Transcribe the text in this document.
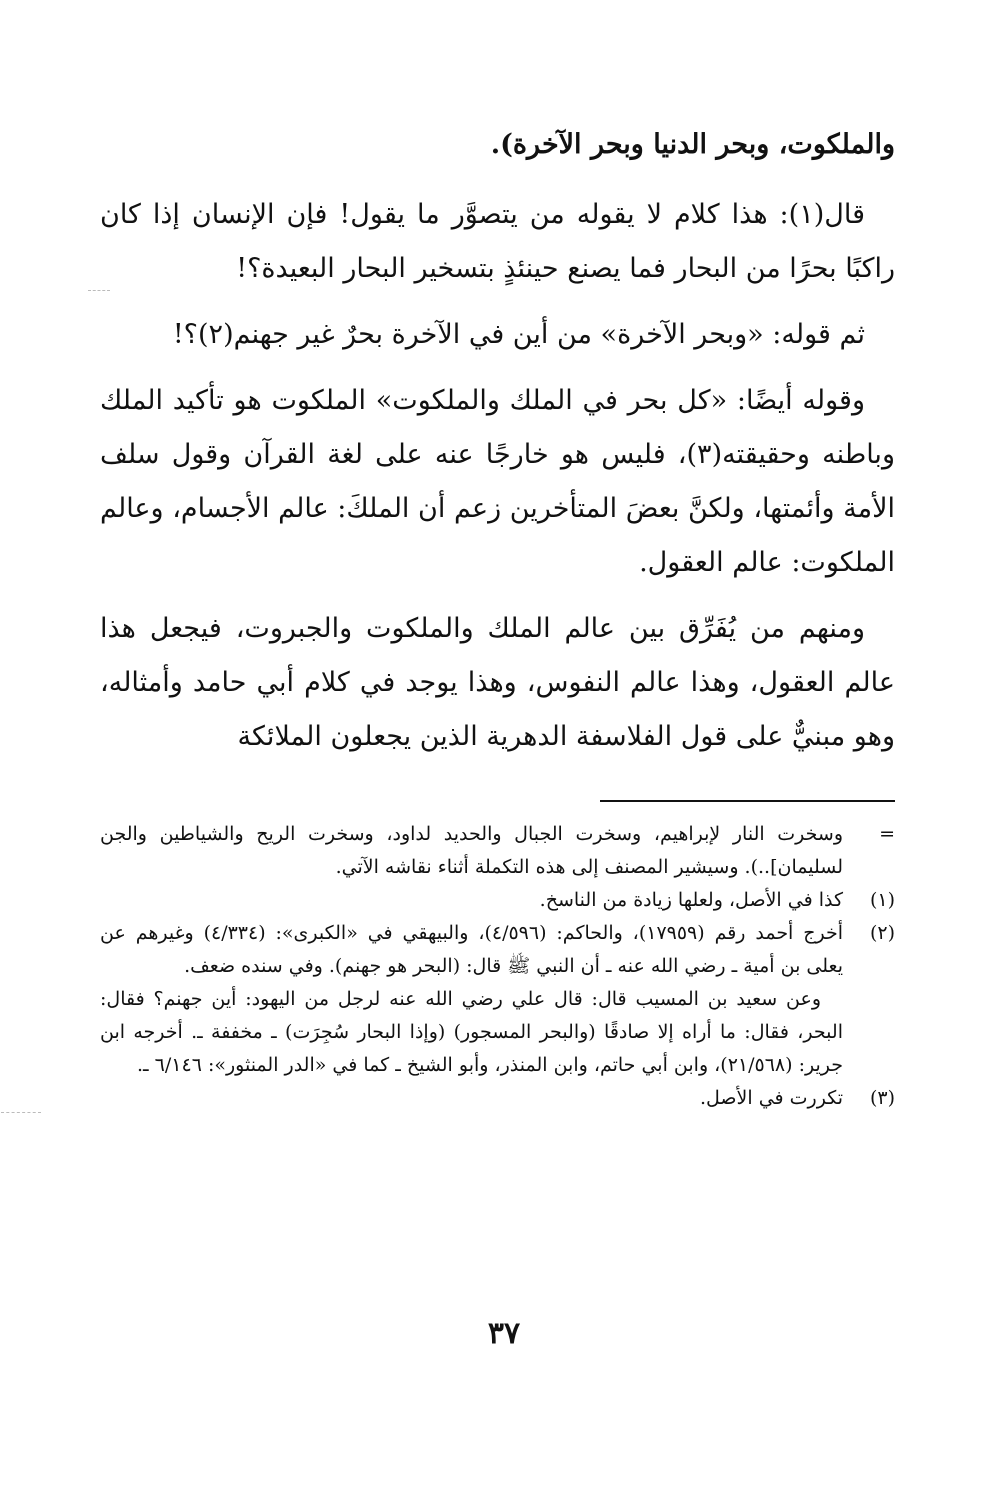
والملكوت، وبحر الدنيا وبحر الآخرة).

قال(١): هذا كلام لا يقوله من يتصوَّر ما يقول! فإن الإنسان إذا كان راكبًا بحرًا من البحار فما يصنع حينئذٍ بتسخير البحار البعيدة؟!

ثم قوله: «وبحر الآخرة» من أين في الآخرة بحرٌ غير جهنم(٢)؟!

وقوله أيضًا: «كل بحر في الملك والملكوت» الملكوت هو تأكيد الملك وباطنه وحقيقته(٣)، فليس هو خارجًا عنه على لغة القرآن وقول سلف الأمة وأئمتها، ولكنَّ بعضَ المتأخرين زعم أن الملكَ: عالم الأجسام، وعالم الملكوت: عالم العقول.

ومنهم من يُفَرِّق بين عالم الملك والملكوت والجبروت، فيجعل هذا عالم العقول، وهذا عالم النفوس، وهذا يوجد في كلام أبي حامد وأمثاله، وهو مبنيٌّ على قول الفلاسفة الدهرية الذين يجعلون الملائكة

=
وسخرت النار لإبراهيم، وسخرت الجبال والحديد لداود، وسخرت الريح والشياطين والجن لسليمان]..). وسيشير المصنف إلى هذه التكملة أثناء نقاشه الآتي.
(١)
كذا في الأصل، ولعلها زيادة من الناسخ.
(٢)
أخرج أحمد رقم (١٧٩٥٩)، والحاكم: (٤/٥٩٦)، والبيهقي في «الكبرى»: (٤/٣٣٤) وغيرهم عن يعلى بن أمية ـ رضي الله عنه ـ أن النبي ﷺ قال: (البحر هو جهنم). وفي سنده ضعف.
وعن سعيد بن المسيب قال: قال علي رضي الله عنه لرجل من اليهود: أين جهنم؟ فقال: البحر، فقال: ما أراه إلا صادقًا (والبحر المسجور) (وإذا البحار سُجِرَت) ـ مخففة ـ. أخرجه ابن جرير: (٢١/٥٦٨)، وابن أبي حاتم، وابن المنذر، وأبو الشيخ ـ كما في «الدر المنثور»: ٦/١٤٦ ـ.
(٣)
تكررت في الأصل.
٣٧
